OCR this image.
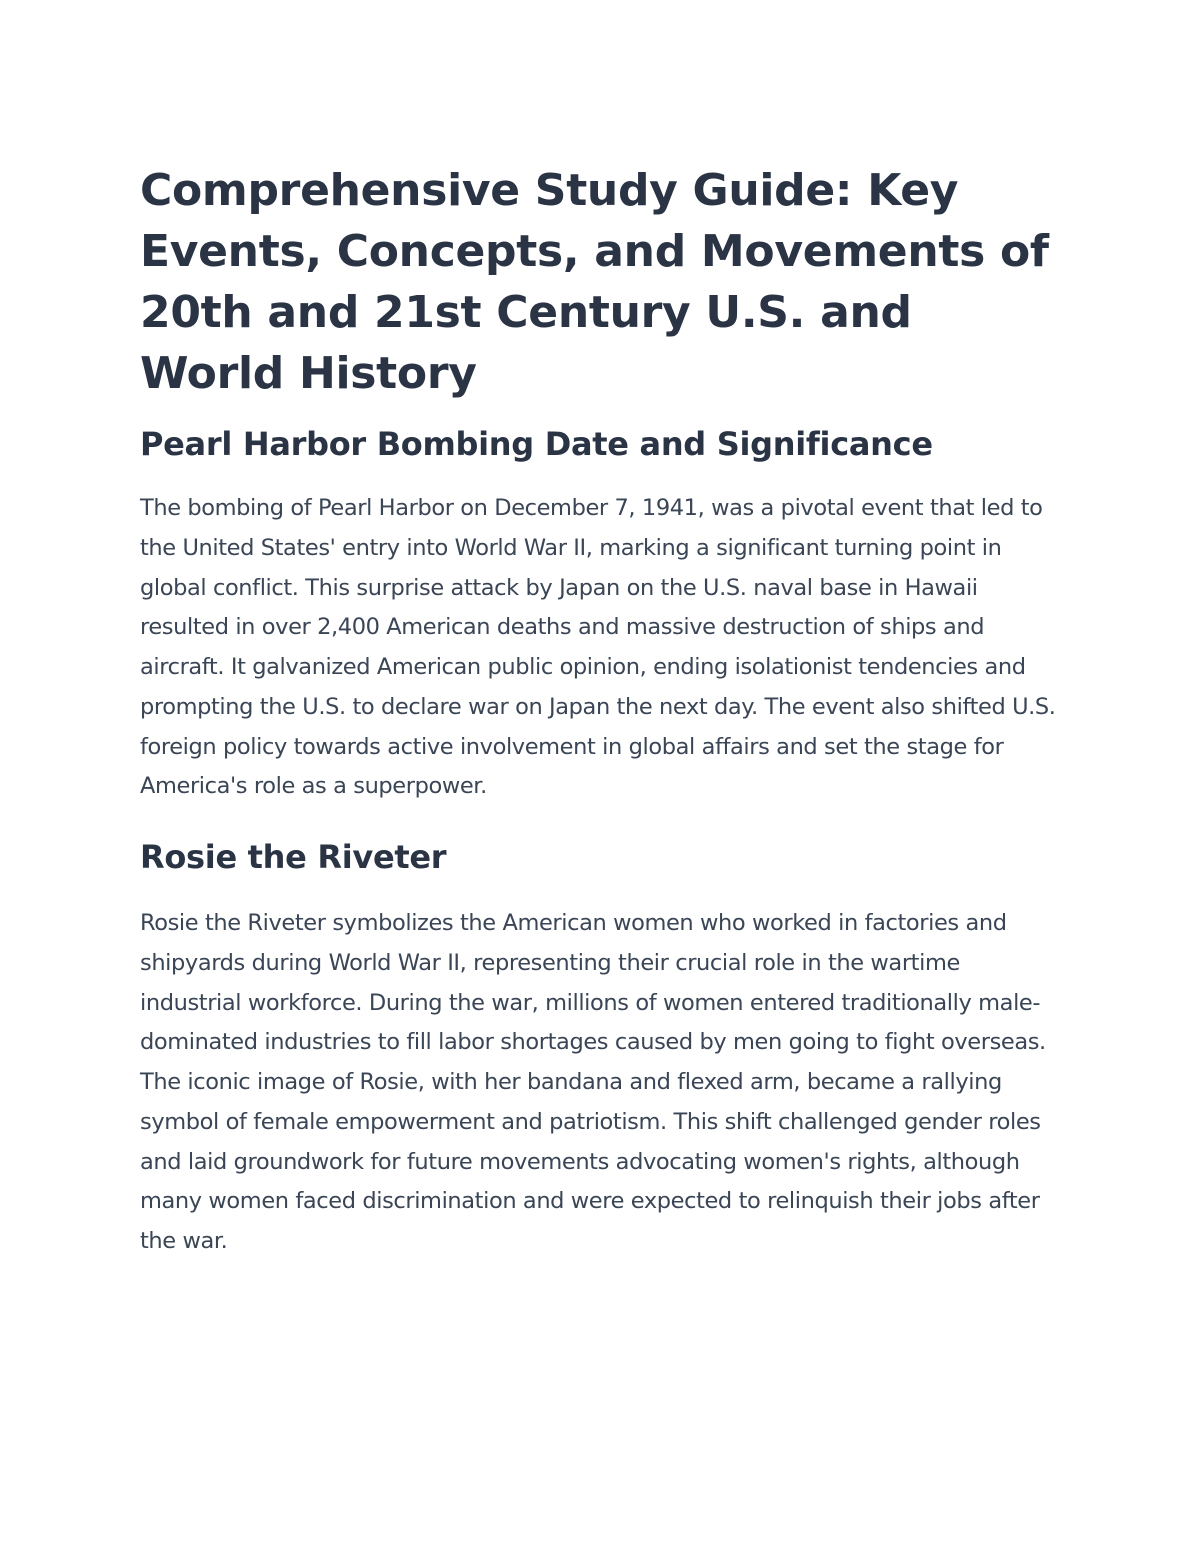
Comprehensive Study Guide: Key Events, Concepts, and Movements of 20th and 21st Century U.S. and World History
Pearl Harbor Bombing Date and Significance

The bombing of Pearl Harbor on December 7, 1941, was a pivotal event that led to the United States' entry into World War II, marking a significant turning point in global conflict. This surprise attack by Japan on the U.S. naval base in Hawaii resulted in over 2,400 American deaths and massive destruction of ships and aircraft. It galvanized American public opinion, ending isolationist tendencies and prompting the U.S. to declare war on Japan the next day. The event also shifted U.S. foreign policy towards active involvement in global affairs and set the stage for America's role as a superpower.

Rosie the Riveter

Rosie the Riveter symbolizes the American women who worked in factories and shipyards during World War II, representing their crucial role in the wartime industrial workforce. During the war, millions of women entered traditionally male-dominated industries to fill labor shortages caused by men going to fight overseas. The iconic image of Rosie, with her bandana and flexed arm, became a rallying symbol of female empowerment and patriotism. This shift challenged gender roles and laid groundwork for future movements advocating women's rights, although many women faced discrimination and were expected to relinquish their jobs after the war.
